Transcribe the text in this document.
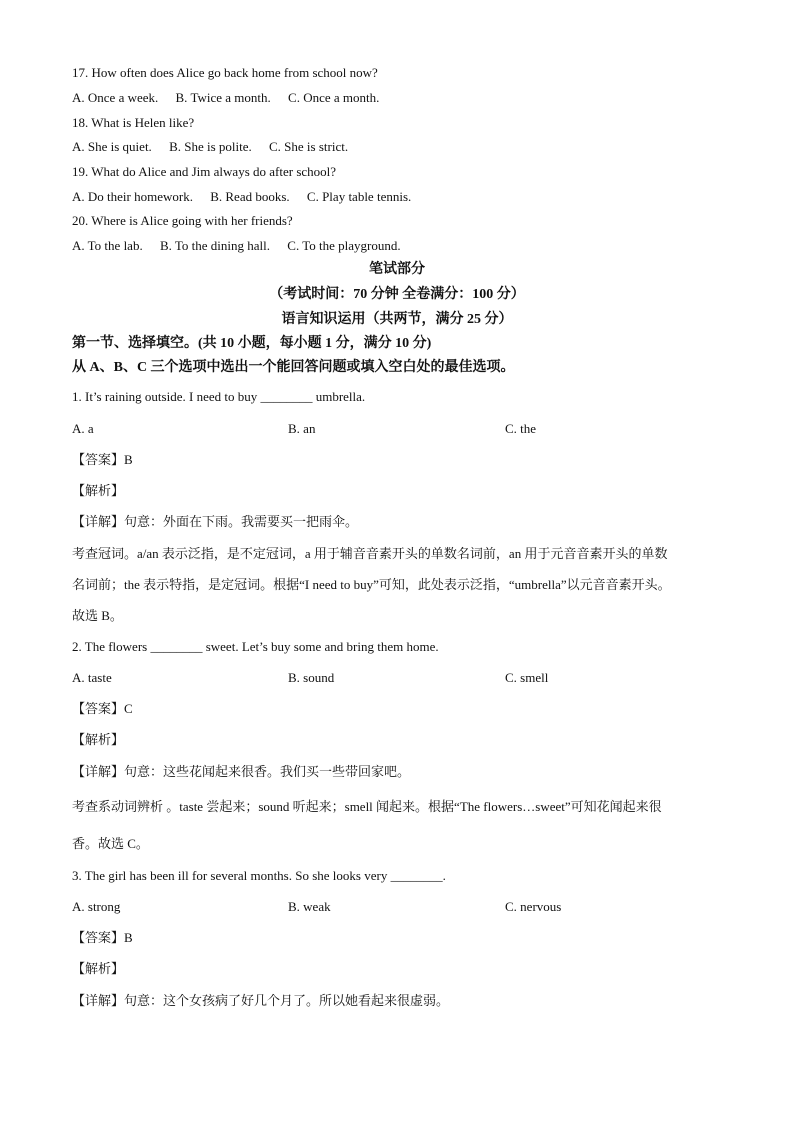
17. How often does Alice go back home from school now?
A. Once a week. B. Twice a month. C. Once a month.
18. What is Helen like?
A. She is quiet. B. She is polite. C. She is strict.
19. What do Alice and Jim always do after school?
A. Do their homework. B. Read books. C. Play table tennis.
20. Where is Alice going with her friends?
A. To the lab. B. To the dining hall. C. To the playground.
笔试部分
（考试时间：70 分钟 全卷满分：100 分）
语言知识运用（共两节，满分 25 分）
第一节、选择填空。(共 10 小题，每小题 1 分，满分 10 分)
从 A、B、C 三个选项中选出一个能回答问题或填入空白处的最佳选项。
1. It’s raining outside. I need to buy ________ umbrella.
A. a	B. an	C. the
【答案】B
【解析】
【详解】句意：外面在下雨。我需要买一把雨伞。
考查冠词。a/an 表示泛指，是不定冠词，a 用于辅音音素开头的单数名词前，an 用于元音音素开头的单数
名词前；the 表示特指，是定冠词。根据“I need to buy”可知，此处表示泛指，“umbrella”以元音音素开头。
故选 B。
2. The flowers ________ sweet. Let’s buy some and bring them home.
A. taste	B. sound	C. smell
【答案】C
【解析】
【详解】句意：这些花闻起来很香。我们买一些带回家吧。
考查系动词辨析 。taste 尝起来；sound 听起来；smell 闻起来。根据“The flowers…sweet”可知花闻起来很
香。故选 C。
3. The girl has been ill for several months. So she looks very ________.
A. strong	B. weak	C. nervous
【答案】B
【解析】
【详解】句意：这个女孩病了好几个月了。所以她看起来很虚弱。
